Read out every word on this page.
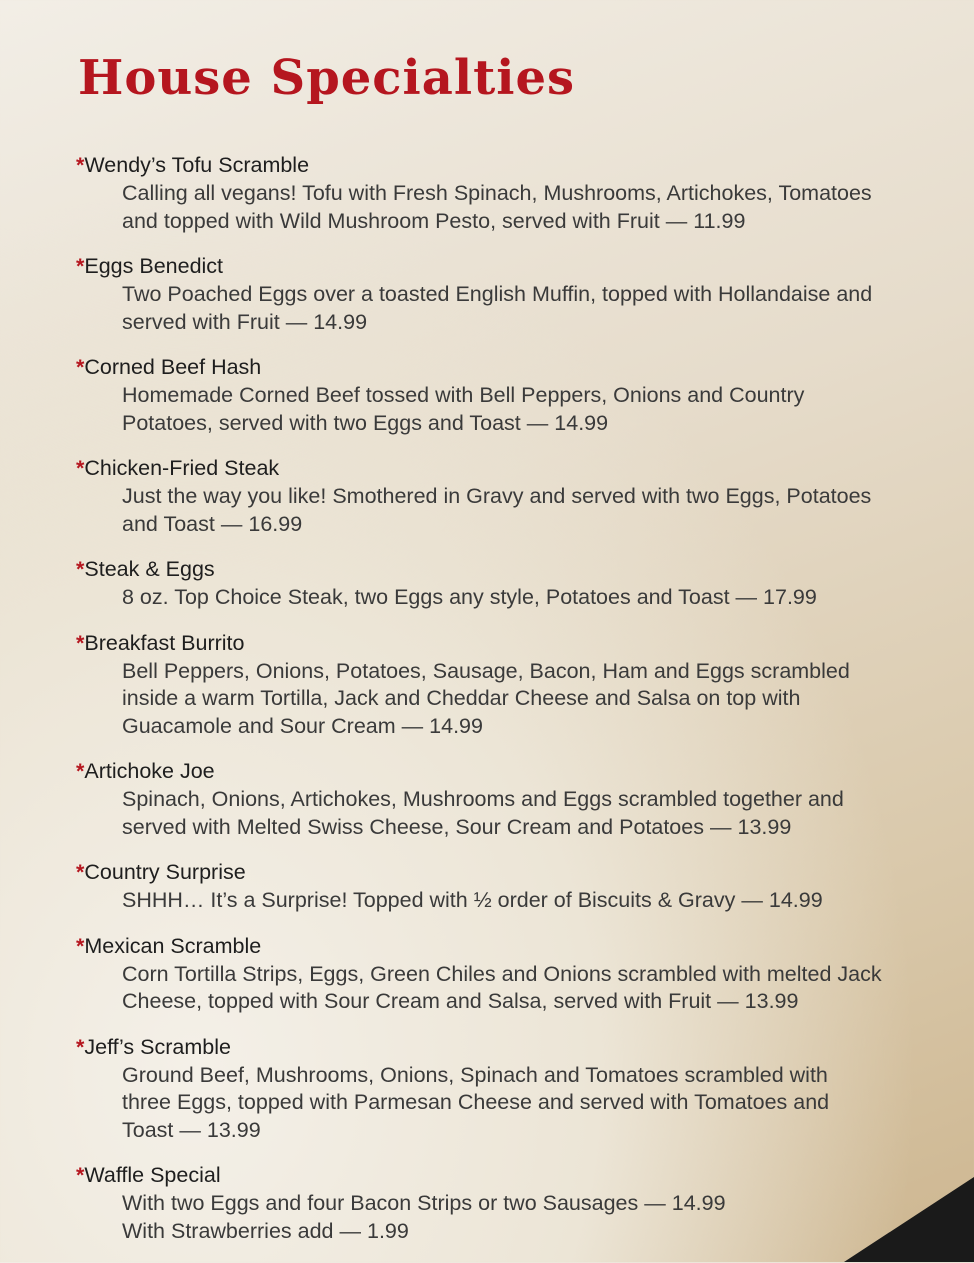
House Specialties
*Wendy’s Tofu Scramble
Calling all vegans! Tofu with Fresh Spinach, Mushrooms, Artichokes, Tomatoes
and topped with Wild Mushroom Pesto, served with Fruit — 11.99
*Eggs Benedict
Two Poached Eggs over a toasted English Muffin, topped with Hollandaise and
served with Fruit — 14.99
*Corned Beef Hash
Homemade Corned Beef tossed with Bell Peppers, Onions and Country
Potatoes, served with two Eggs and Toast — 14.99
*Chicken-Fried Steak
Just the way you like! Smothered in Gravy and served with two Eggs, Potatoes
and Toast — 16.99
*Steak & Eggs
8 oz. Top Choice Steak, two Eggs any style, Potatoes and Toast — 17.99
*Breakfast Burrito
Bell Peppers, Onions, Potatoes, Sausage, Bacon, Ham and Eggs scrambled
inside a warm Tortilla, Jack and Cheddar Cheese and Salsa on top with
Guacamole and Sour Cream — 14.99
*Artichoke Joe
Spinach, Onions, Artichokes, Mushrooms and Eggs scrambled together and
served with Melted Swiss Cheese, Sour Cream and Potatoes — 13.99
*Country Surprise
SHHH… It’s a Surprise! Topped with ½ order of Biscuits & Gravy — 14.99
*Mexican Scramble
Corn Tortilla Strips, Eggs, Green Chiles and Onions scrambled with melted Jack
Cheese, topped with Sour Cream and Salsa, served with Fruit — 13.99
*Jeff’s Scramble
Ground Beef, Mushrooms, Onions, Spinach and Tomatoes scrambled with
three Eggs, topped with Parmesan Cheese and served with Tomatoes and
Toast — 13.99
*Waffle Special
With two Eggs and four Bacon Strips or two Sausages — 14.99
With Strawberries add — 1.99
